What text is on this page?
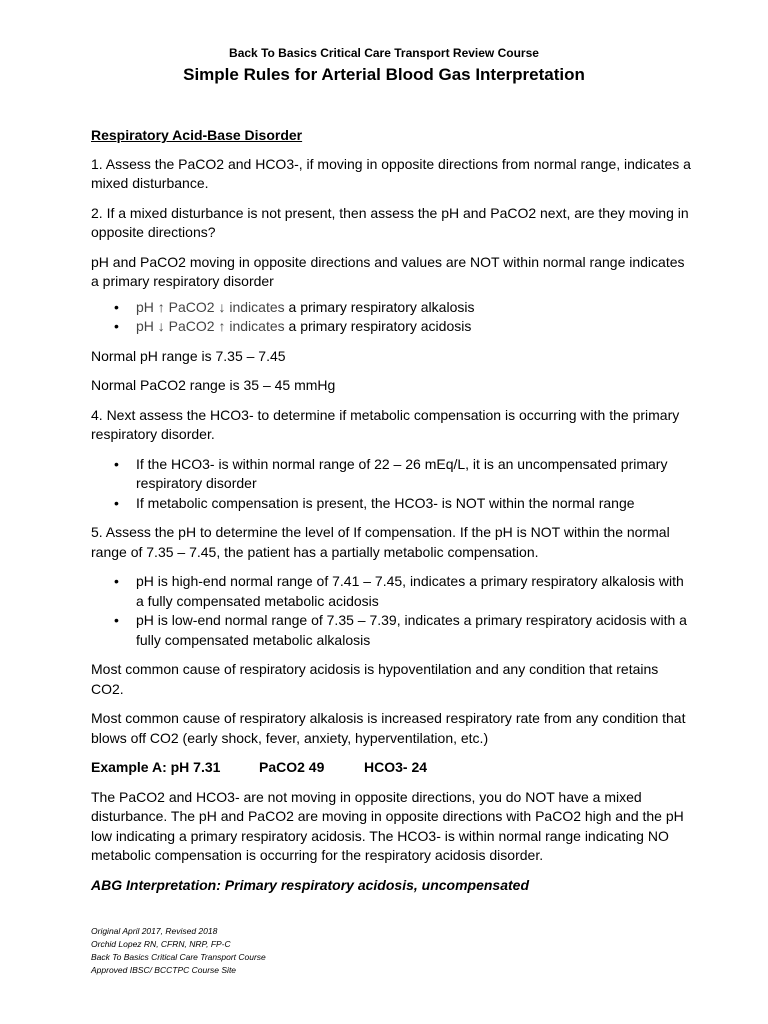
Back To Basics Critical Care Transport Review Course
Simple Rules for Arterial Blood Gas Interpretation
Respiratory Acid-Base Disorder

1. Assess the PaCO2 and HCO3-, if moving in opposite directions from normal range, indicates a mixed disturbance.

2. If a mixed disturbance is not present, then assess the pH and PaCO2 next, are they moving in opposite directions?

pH and PaCO2 moving in opposite directions and values are NOT within normal range indicates a primary respiratory disorder

• pH ↑ PaCO2 ↓ indicates a primary respiratory alkalosis
• pH ↓ PaCO2 ↑ indicates a primary respiratory acidosis

Normal pH range is 7.35 – 7.45

Normal PaCO2 range is 35 – 45 mmHg

4. Next assess the HCO3- to determine if metabolic compensation is occurring with the primary respiratory disorder.

• If the HCO3- is within normal range of 22 – 26 mEq/L, it is an uncompensated primary respiratory disorder
• If metabolic compensation is present, the HCO3- is NOT within the normal range

5. Assess the pH to determine the level of If compensation. If the pH is NOT within the normal range of 7.35 – 7.45, the patient has a partially metabolic compensation.

• pH is high-end normal range of 7.41 – 7.45, indicates a primary respiratory alkalosis with a fully compensated metabolic acidosis
• pH is low-end normal range of 7.35 – 7.39, indicates a primary respiratory acidosis with a fully compensated metabolic alkalosis

Most common cause of respiratory acidosis is hypoventilation and any condition that retains CO2.

Most common cause of respiratory alkalosis is increased respiratory rate from any condition that blows off CO2 (early shock, fever, anxiety, hyperventilation, etc.)

Example A: pH 7.31	PaCO2 49	HCO3- 24

The PaCO2 and HCO3- are not moving in opposite directions, you do NOT have a mixed disturbance. The pH and PaCO2 are moving in opposite directions with PaCO2 high and the pH low indicating a primary respiratory acidosis. The HCO3- is within normal range indicating NO metabolic compensation is occurring for the respiratory acidosis disorder.

ABG Interpretation: Primary respiratory acidosis, uncompensated
Original April 2017, Revised 2018
Orchid Lopez RN, CFRN, NRP, FP-C
Back To Basics Critical Care Transport Course
Approved IBSC/ BCCTPC Course Site
